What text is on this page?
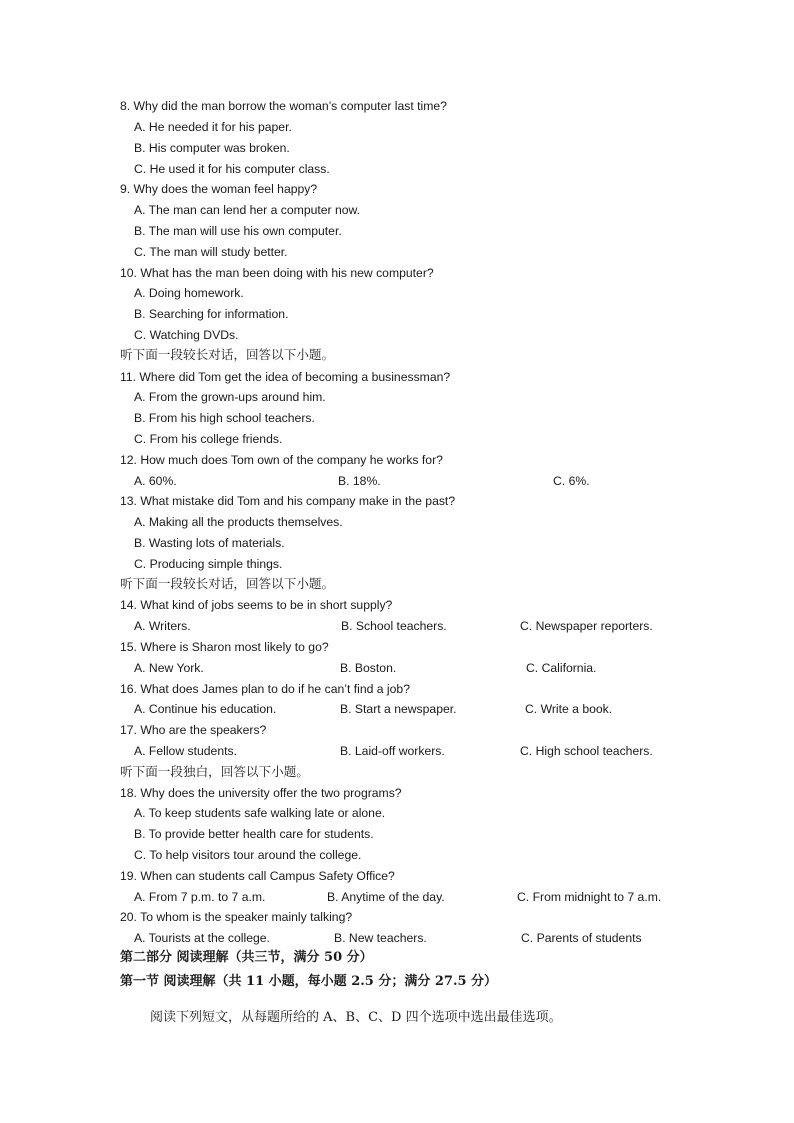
8. Why did the man borrow the woman’s computer last time?
A. He needed it for his paper.
B. His computer was broken.
C. He used it for his computer class.
9. Why does the woman feel happy?
A. The man can lend her a computer now.
B. The man will use his own computer.
C. The man will study better.
10. What has the man been doing with his new computer?
A. Doing homework.
B. Searching for information.
C. Watching DVDs.
听下面一段较长对话，回答以下小题。
11. Where did Tom get the idea of becoming a businessman?
A. From the grown-ups around him.
B. From his high school teachers.
C. From his college friends.
12. How much does Tom own of the company he works for?
A. 60%.	B. 18%.	C. 6%.
13. What mistake did Tom and his company make in the past?
A. Making all the products themselves.
B. Wasting lots of materials.
C. Producing simple things.
听下面一段较长对话，回答以下小题。
14. What kind of jobs seems to be in short supply?
A. Writers.	B. School teachers.	C. Newspaper reporters.
15. Where is Sharon most likely to go?
A. New York.	B. Boston.	C. California.
16. What does James plan to do if he can’t find a job?
A. Continue his education.	B. Start a newspaper.	C. Write a book.
17. Who are the speakers?
A. Fellow students.	B. Laid-off workers.	C. High school teachers.
听下面一段独白，回答以下小题。
18. Why does the university offer the two programs?
A. To keep students safe walking late or alone.
B. To provide better health care for students.
C. To help visitors tour around the college.
19. When can students call Campus Safety Office?
A. From 7 p.m. to 7 a.m.	B. Anytime of the day.	C. From midnight to 7 a.m.
20. To whom is the speaker mainly talking?
A. Tourists at the college.	B. New teachers.	C. Parents of students
第二部分 阅读理解（共三节，满分 50 分）
第一节 阅读理解（共 11 小题，每小题 2.5 分；满分 27.5 分）
阅读下列短文，从每题所给的 A、B、C、D 四个选项中选出最佳选项。
